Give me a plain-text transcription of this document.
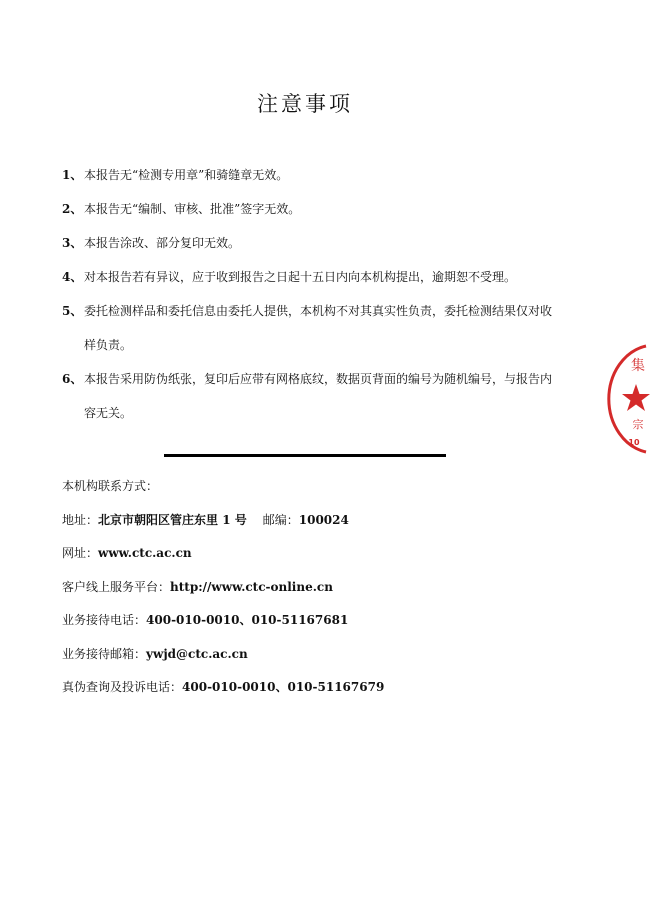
注意事项
1、 本报告无“检测专用章”和骑缝章无效。
2、 本报告无“编制、审核、批准”签字无效。
3、 本报告涂改、部分复印无效。
4、 对本报告若有异议，应于收到报告之日起十五日内向本机构提出，逾期恕不受理。
5、 委托检测样品和委托信息由委托人提供，本机构不对其真实性负责，委托检测结果仅对收样负责。
6、 本报告采用防伪纸张，复印后应带有网格底纹，数据页背面的编号为随机编号，与报告内容无关。
本机构联系方式：
地址：北京市朝阳区管庄东里 1 号 邮编：100024
网址：www.ctc.ac.cn
客户线上服务平台：http://www.ctc-online.cn
业务接待电话：400-010-0010、010-51167681
业务接待邮箱：ywjd@ctc.ac.cn
真伪查询及投诉电话：400-010-0010、010-51167679
集
宗
10
